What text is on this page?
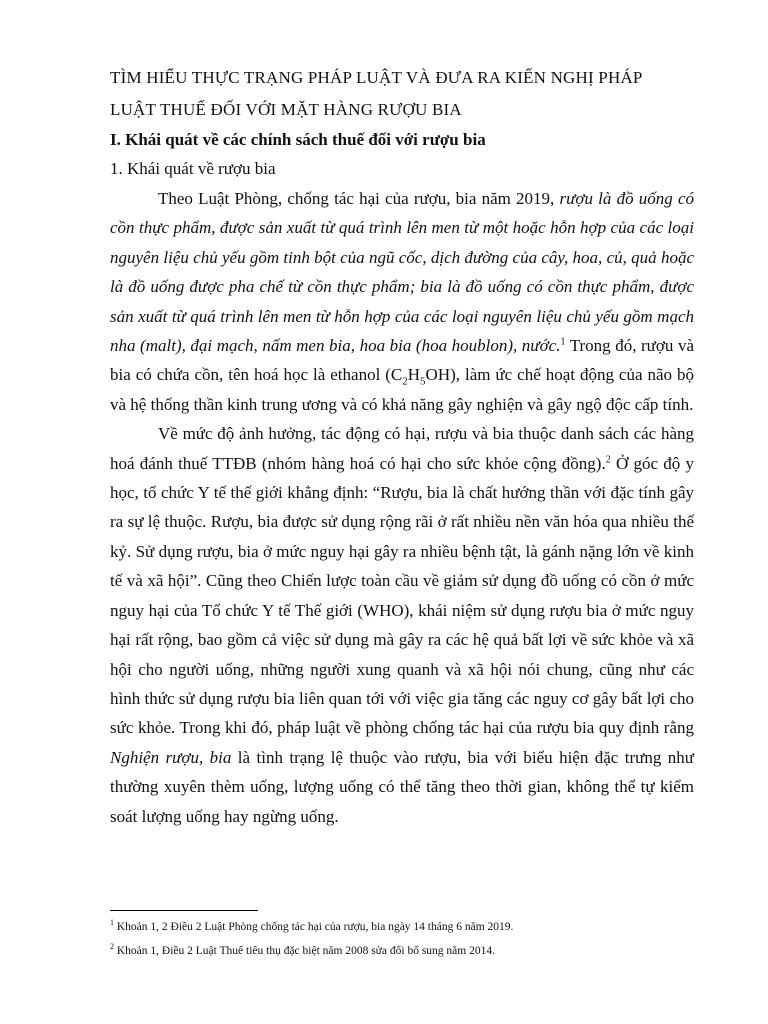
TÌM HIỂU THỰC TRẠNG PHÁP LUẬT VÀ ĐƯA RA KIẾN NGHỊ PHÁP
LUẬT THUẾ ĐỐI VỚI MẶT HÀNG RƯỢU BIA

I. Khái quát về các chính sách thuế đối với rượu bia

1. Khái quát về rượu bia

Theo Luật Phòng, chống tác hại của rượu, bia năm 2019, rượu là đồ uống có cồn thực phẩm, được sản xuất từ quá trình lên men từ một hoặc hỗn hợp của các loại nguyên liệu chủ yếu gồm tinh bột của ngũ cốc, dịch đường của cây, hoa, củ, quả hoặc là đồ uống được pha chế từ cồn thực phẩm; bia là đồ uống có cồn thực phẩm, được sản xuất từ quá trình lên men từ hỗn hợp của các loại nguyên liệu chủ yếu gồm mạch nha (malt), đại mạch, nấm men bia, hoa bia (hoa houblon), nước.$^1$ Trong đó, rượu và bia có chứa cồn, tên hoá học là ethanol $(C_2H_5OH)$, làm ức chế hoạt động của não bộ và hệ thống thần kinh trung ương và có khả năng gây nghiện và gây ngộ độc cấp tính.

Về mức độ ảnh hưởng, tác động có hại, rượu và bia thuộc danh sách các hàng hoá đánh thuế TTĐB (nhóm hàng hoá có hại cho sức khỏe cộng đồng).$^2$ Ở góc độ y học, tổ chức Y tế thế giới khẳng định: “Rượu, bia là chất hướng thần với đặc tính gây ra sự lệ thuộc. Rượu, bia được sử dụng rộng rãi ở rất nhiều nền văn hóa qua nhiều thế kỷ. Sử dụng rượu, bia ở mức nguy hại gây ra nhiều bệnh tật, là gánh nặng lớn về kinh tế và xã hội”. Cũng theo Chiến lược toàn cầu về giảm sử dụng đồ uống có cồn ở mức nguy hại của Tổ chức Y tế Thế giới (WHO), khái niệm sử dụng rượu bia ở mức nguy hại rất rộng, bao gồm cả việc sử dụng mà gây ra các hệ quả bất lợi về sức khỏe và xã hội cho người uống, những người xung quanh và xã hội nói chung, cũng như các hình thức sử dụng rượu bia liên quan tới với việc gia tăng các nguy cơ gây bất lợi cho sức khỏe. Trong khi đó, pháp luật về phòng chống tác hại của rượu bia quy định rằng Nghiện rượu, bia là tình trạng lệ thuộc vào rượu, bia với biểu hiện đặc trưng như thường xuyên thèm uống, lượng uống có thể tăng theo thời gian, không thể tự kiểm soát lượng uống hay ngừng uống.

$^1$ Khoản 1, 2 Điều 2 Luật Phòng chống tác hại của rượu, bia ngày 14 tháng 6 năm 2019.

$^2$ Khoản 1, Điều 2 Luật Thuế tiêu thụ đặc biệt năm 2008 sửa đổi bổ sung năm 2014.
